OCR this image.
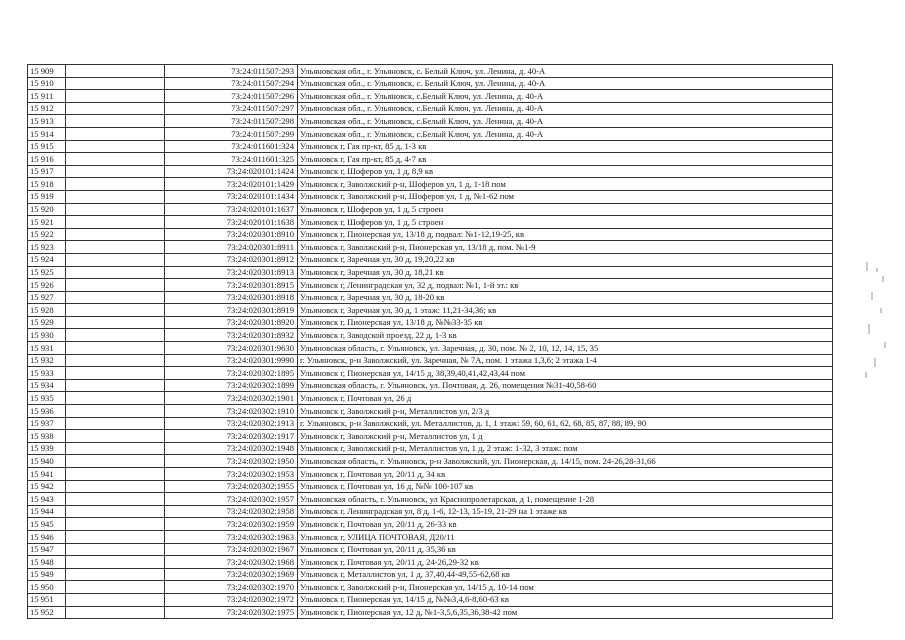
15 909		73:24:011507:293	Ульяновская обл., г. Ульяновск, с. Белый Ключ, ул. Ленина, д. 40-А
15 910		73:24:011507:294	Ульяновская обл., г. Ульяновск, с. Белый Ключ, ул. Ленина, д. 40-А
15 911		73:24:011507:296	Ульяновская обл., г. Ульяновск, с.Белый Ключ, ул. Ленина, д. 40-А
15 912		73:24:011507:297	Ульяновская обл., г. Ульяновск, с.Белый Ключ, ул. Ленина, д. 40-А
15 913		73:24:011507:298	Ульяновская обл., г. Ульяновск, с.Белый Ключ, ул. Ленина, д. 40-А
15 914		73:24:011507:299	Ульяновская обл., г. Ульяновск, с.Белый Ключ, ул. Ленина, д. 40-А
15 915		73:24:011601:324	Ульяновск г, Гая пр-кт, 85 д, 1-3 кв
15 916		73:24:011601:325	Ульяновск г, Гая пр-кт, 85 д, 4-7 кв
15 917		73:24:020101:1424	Ульяновск г, Шоферов ул, 1 д, 8,9 кв
15 918		73:24:020101:1429	Ульяновск г, Заволжский р-н, Шоферов ул, 1 д, 1-18 пом
15 919		73:24:020101:1434	Ульяновск г, Заволжский р-н, Шоферов ул, 1 д, №1-62 пом
15 920		73:24:020101:1637	Ульяновск г, Шоферов ул, 1 д, 5 строен
15 921		73:24:020101:1638	Ульяновск г, Шоферов ул, 1 д, 5 строен
15 922		73:24:020301:8910	Ульяновск г, Пионерская ул, 13/18 д, подвал: №1-12,19-25, кв
15 923		73:24:020301:8911	Ульяновск г, Заволжский р-н, Пионерская ул, 13/18 д, пом. №1-9
15 924		73:24:020301:8912	Ульяновск г, Заречная ул, 30 д, 19,20,22 кв
15 925		73:24:020301:8913	Ульяновск г, Заречная ул, 30 д, 18,21 кв
15 926		73:24:020301:8915	Ульяновск г, Ленинградская ул, 32 д, подвал: №1, 1-й эт.: кв
15 927		73:24:020301:8918	Ульяновск г, Заречная ул, 30 д, 18-20 кв
15 928		73:24:020301:8919	Ульяновск г, Заречная ул, 30 д, 1 этаж: 11,21-34,36; кв
15 929		73:24:020301:8920	Ульяновск г, Пионерская ул, 13/18 д, №№33-35 кв
15 930		73:24:020301:8932	Ульяновск г, Заводской проезд, 22 д, 1-3 кв
15 931		73:24:020301:9630	Ульяновская область, г. Ульяновск, ул. Заречная, д. 30, пом. № 2, 10, 12, 14, 15, 35
15 932		73:24:020301:9990	г. Ульяновск, р-н Заволжский, ул. Заречная, № 7А, пом. 1 этажа 1,3,6; 2 этажа 1-4
15 933		73:24:020302:1895	Ульяновск г, Пионерская ул, 14/15 д, 38,39,40,41,42,43,44 пом
15 934		73:24:020302:1899	Ульяновская область, г. Ульяновск, ул. Почтовая, д. 26, помещения №31-40,58-60
15 935		73:24:020302:1901	Ульяновск г, Почтовая ул, 26 д
15 936		73:24:020302:1910	Ульяновск г, Заволжский р-н, Металлистов ул, 2/3 д
15 937		73:24:020302:1913	г. Ульяновск, р-н Заволжский, ул. Металлистов, д. 1, 1 этаж: 59, 60, 61, 62, 68, 85, 87, 88, 89, 90
15 938		73:24:020302:1917	Ульяновск г, Заволжский р-н, Металлистов ул, 1 д
15 939		73:24:020302:1948	Ульяновск г, Заволжский р-н, Металлистов ул, 1 д, 2 этаж: 1-32, 3 этаж: пом
15 940		73:24:020302:1950	Ульяновская область, г. Ульяновск, р-н Заволжский, ул. Пионерская, д. 14/15, пом. 24-26,28-31,66
15 941		73:24:020302:1953	Ульяновск г, Почтовая ул, 20/11 д, 34 кв
15 942		73:24:020302:1955	Ульяновск г, Почтовая ул, 16 д, №№ 100-107 кв
15 943		73:24:020302:1957	Ульяновская область, г. Ульяновск, ул Краснопролетарская, д 1, помещение 1-28
15 944		73:24:020302:1958	Ульяновск г, Ленинградская ул, 8 д, 1-6, 12-13, 15-19, 21-29 на 1 этаже кв
15 945		73:24:020302:1959	Ульяновск г, Почтовая ул, 20/11 д, 26-33 кв
15 946		73:24:020302:1963	Ульяновск г, УЛИЦА ПОЧТОВАЯ, Д20/11
15 947		73:24:020302:1967	Ульяновск г, Почтовая ул, 20/11 д, 35,36 кв
15 948		73:24:020302:1968	Ульяновск г, Почтовая ул, 20/11 д, 24-26,29-32 кв
15 949		73:24:020302:1969	Ульяновск г, Металлистов ул, 1 д, 37,40,44-49,55-62,68 кв
15 950		73:24:020302:1970	Ульяновск г, Заволжский р-н, Пионерская ул, 14/15 д, 10-14 пом
15 951		73:24:020302:1972	Ульяновск г, Пионерская ул, 14/15 д, №№3,4,6-8,60-63 кв
15 952		73:24:020302:1975	Ульяновск г, Пионерская ул, 12 д, №1-3,5,6,35,36,38-42 пом
